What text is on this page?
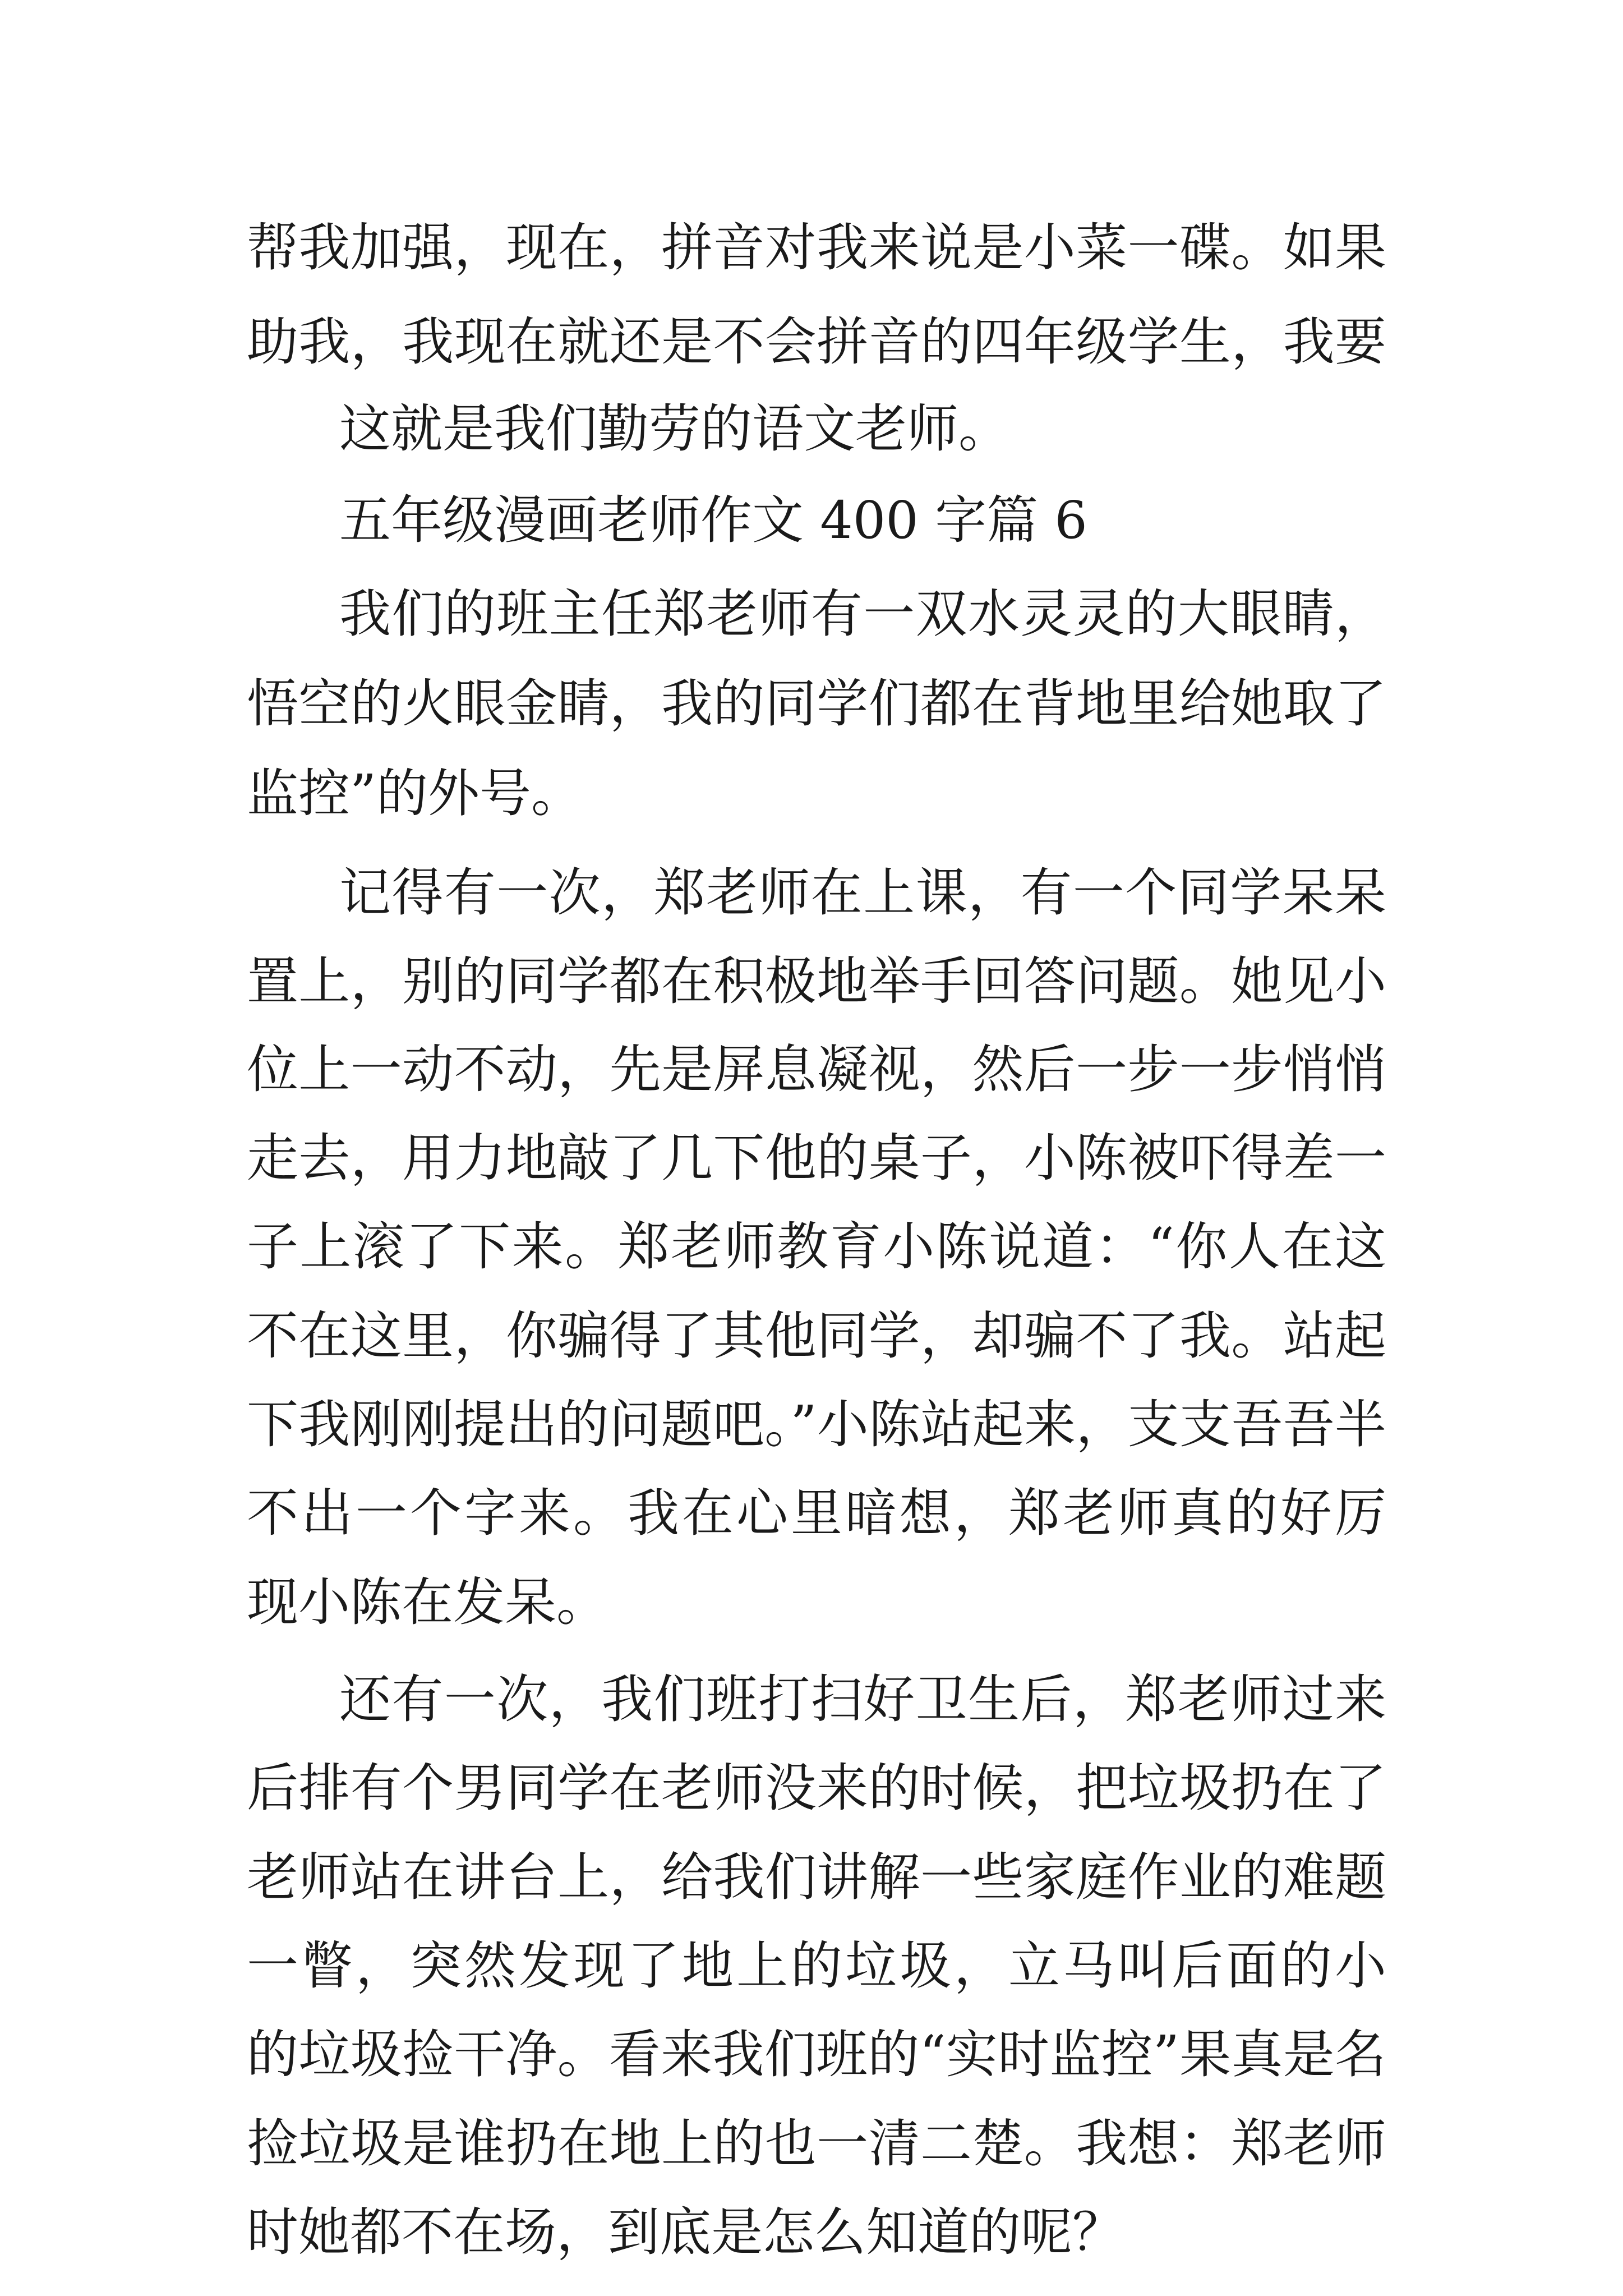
帮我加强，现在，拼音对我来说是小菜一碟。如果

助我，我现在就还是不会拼音的四年级学生，我要

这就是我们勤劳的语文老师。

五年级漫画老师作文 400 字篇 6

我们的班主任郑老师有一双水灵灵的大眼睛，

悟空的火眼金睛，我的同学们都在背地里给她取了

监控”的外号。

记得有一次，郑老师在上课，有一个同学呆呆

置上，别的同学都在积极地举手回答问题。她见小

位上一动不动，先是屏息凝视，然后一步一步悄悄

走去，用力地敲了几下他的桌子，小陈被吓得差一

子上滚了下来。郑老师教育小陈说道：“你人在这

不在这里，你骗得了其他同学，却骗不了我。站起

下我刚刚提出的问题吧。”小陈站起来，支支吾吾半

不出一个字来。我在心里暗想，郑老师真的好厉

现小陈在发呆。

还有一次，我们班打扫好卫生后，郑老师过来

后排有个男同学在老师没来的时候，把垃圾扔在了

老师站在讲台上，给我们讲解一些家庭作业的难题

一瞥，突然发现了地上的垃圾，立马叫后面的小

的垃圾捡干净。看来我们班的“实时监控”果真是名

捡垃圾是谁扔在地上的也一清二楚。我想：郑老师

时她都不在场，到底是怎么知道的呢？
